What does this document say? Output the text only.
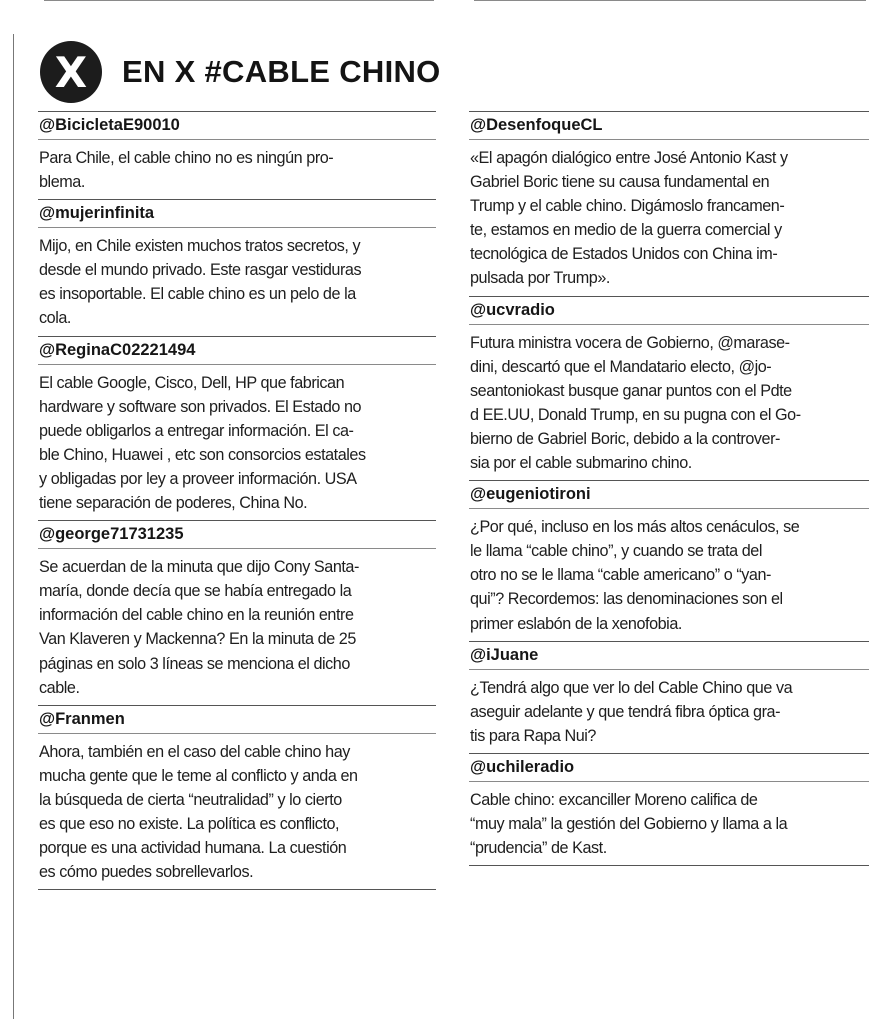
X	EN X #CABLE CHINO
@BicicletaE90010
Para Chile, el cable chino no es ningún pro-
blema.
@mujerinfinita
Mijo, en Chile existen muchos tratos secretos, y
desde el mundo privado. Este rasgar vestiduras
es insoportable. El cable chino es un pelo de la
cola.
@ReginaC02221494
El cable Google, Cisco, Dell, HP que fabrican
hardware y software son privados. El Estado no
puede obligarlos a entregar información. El ca-
ble Chino, Huawei , etc son consorcios estatales
y obligadas por ley a proveer información. USA
tiene separación de poderes, China No.
@george71731235
Se acuerdan de la minuta que dijo Cony Santa-
maría, donde decía que se había entregado la
información del cable chino en la reunión entre
Van Klaveren y Mackenna? En la minuta de 25
páginas en solo 3 líneas se menciona el dicho
cable.
@Franmen
Ahora, también en el caso del cable chino hay
mucha gente que le teme al conflicto y anda en
la búsqueda de cierta “neutralidad” y lo cierto
es que eso no existe. La política es conflicto,
porque es una actividad humana. La cuestión
es cómo puedes sobrellevarlos.
@DesenfoqueCL
«El apagón dialógico entre José Antonio Kast y
Gabriel Boric tiene su causa fundamental en
Trump y el cable chino. Digámoslo francamen-
te, estamos en medio de la guerra comercial y
tecnológica de Estados Unidos con China im-
pulsada por Trump».
@ucvradio
Futura ministra vocera de Gobierno, @marase-
dini, descartó que el Mandatario electo, @jo-
seantoniokast busque ganar puntos con el Pdte
d EE.UU, Donald Trump, en su pugna con el Go-
bierno de Gabriel Boric, debido a la controver-
sia por el cable submarino chino.
@eugeniotironi
¿Por qué, incluso en los más altos cenáculos, se
le llama “cable chino”, y cuando se trata del
otro no se le llama “cable americano” o “yan-
qui”? Recordemos: las denominaciones son el
primer eslabón de la xenofobia.
@iJuane
¿Tendrá algo que ver lo del Cable Chino que va
aseguir adelante y que tendrá fibra óptica gra-
tis para Rapa Nui?
@uchileradio
Cable chino: excanciller Moreno califica de
“muy mala” la gestión del Gobierno y llama a la
“prudencia” de Kast.
